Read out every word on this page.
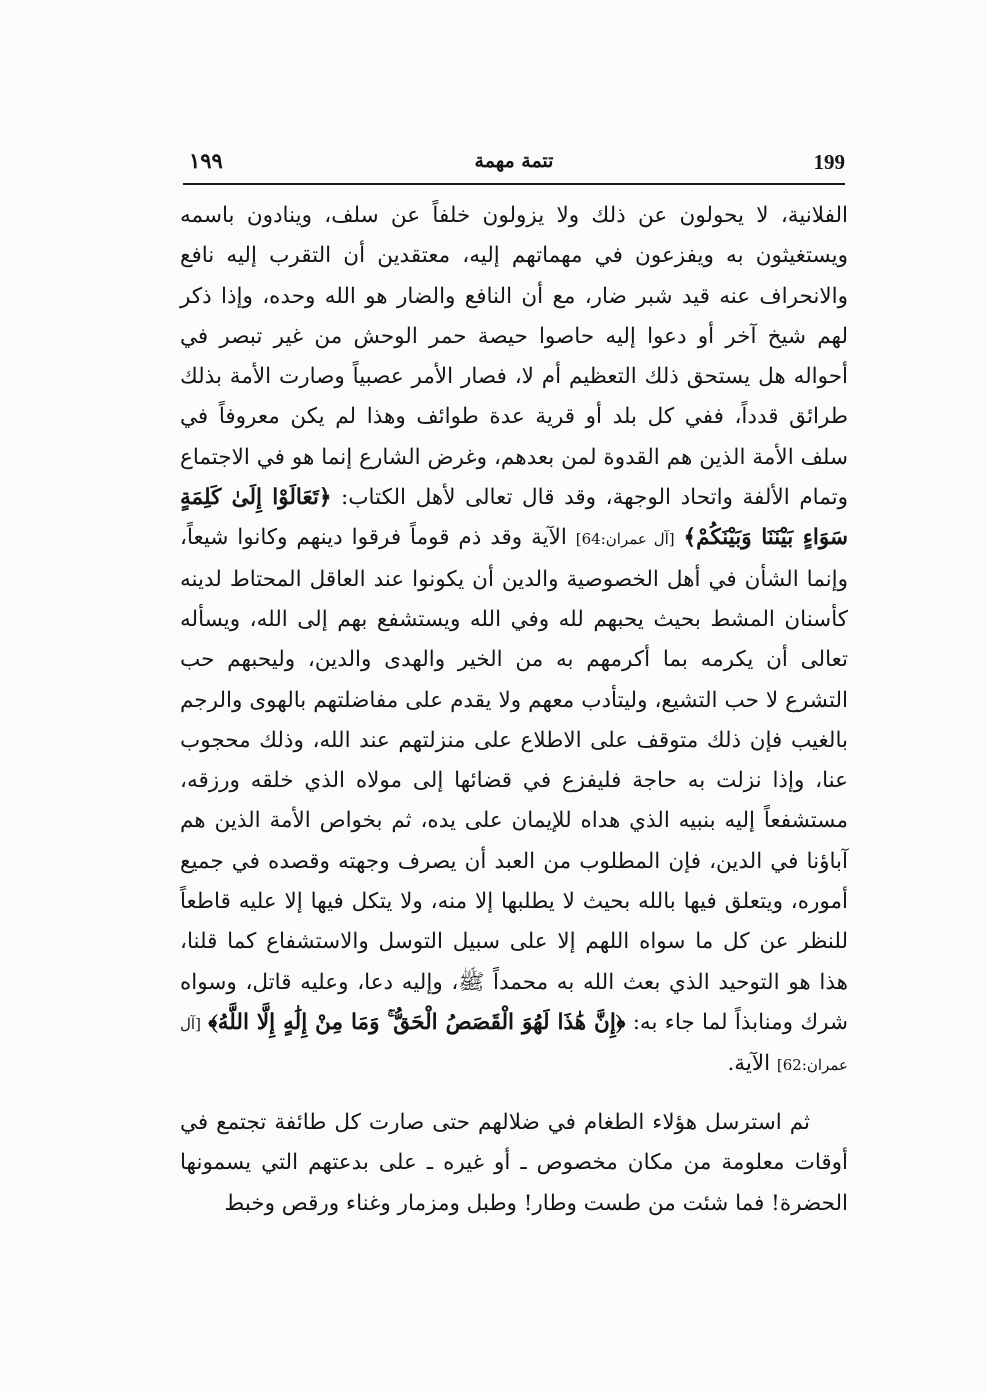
199
تتمة مهمة
١٩٩

الفلانية، لا يحولون عن ذلك ولا يزولون خلفاً عن سلف، وينادون باسمه ويستغيثون به ويفزعون في مهماتهم إليه، معتقدين أن التقرب إليه نافع والانحراف عنه قيد شبر ضار، مع أن النافع والضار هو الله وحده، وإذا ذكر لهم شيخ آخر أو دعوا إليه حاصوا حيصة حمر الوحش من غير تبصر في أحواله هل يستحق ذلك التعظيم أم لا، فصار الأمر عصبياً وصارت الأمة بذلك طرائق قدداً، ففي كل بلد أو قرية عدة طوائف وهذا لم يكن معروفاً في سلف الأمة الذين هم القدوة لمن بعدهم، وغرض الشارع إنما هو في الاجتماع وتمام الألفة واتحاد الوجهة، وقد قال تعالى لأهل الكتاب: ﴿تَعَالَوْا إِلَىٰ كَلِمَةٍ سَوَاءٍ بَيْنَنَا وَبَيْنَكُمْ﴾ [آل عمران:64] الآية وقد ذم قوماً فرقوا دينهم وكانوا شيعاً، وإنما الشأن في أهل الخصوصية والدين أن يكونوا عند العاقل المحتاط لدينه كأسنان المشط بحيث يحبهم لله وفي الله ويستشفع بهم إلى الله، ويسأله تعالى أن يكرمه بما أكرمهم به من الخير والهدى والدين، وليحبهم حب التشرع لا حب التشيع، وليتأدب معهم ولا يقدم على مفاضلتهم بالهوى والرجم بالغيب فإن ذلك متوقف على الاطلاع على منزلتهم عند الله، وذلك محجوب عنا، وإذا نزلت به حاجة فليفزع في قضائها إلى مولاه الذي خلقه ورزقه، مستشفعاً إليه بنبيه الذي هداه للإيمان على يده، ثم بخواص الأمة الذين هم آباؤنا في الدين، فإن المطلوب من العبد أن يصرف وجهته وقصده في جميع أموره، ويتعلق فيها بالله بحيث لا يطلبها إلا منه، ولا يتكل فيها إلا عليه قاطعاً للنظر عن كل ما سواه اللهم إلا على سبيل التوسل والاستشفاع كما قلنا، هذا هو التوحيد الذي بعث الله به محمداً ﷺ، وإليه دعا، وعليه قاتل، وسواه شرك ومنابذاً لما جاء به: ﴿إِنَّ هَٰذَا لَهُوَ الْقَصَصُ الْحَقُّ ۚ وَمَا مِنْ إِلَٰهٍ إِلَّا اللَّهُ﴾ [آل عمران:62] الآية.

ثم استرسل هؤلاء الطغام في ضلالهم حتى صارت كل طائفة تجتمع في أوقات معلومة من مكان مخصوص ـ أو غيره ـ على بدعتهم التي يسمونها الحضرة! فما شئت من طست وطار! وطبل ومزمار وغناء ورقص وخبط
